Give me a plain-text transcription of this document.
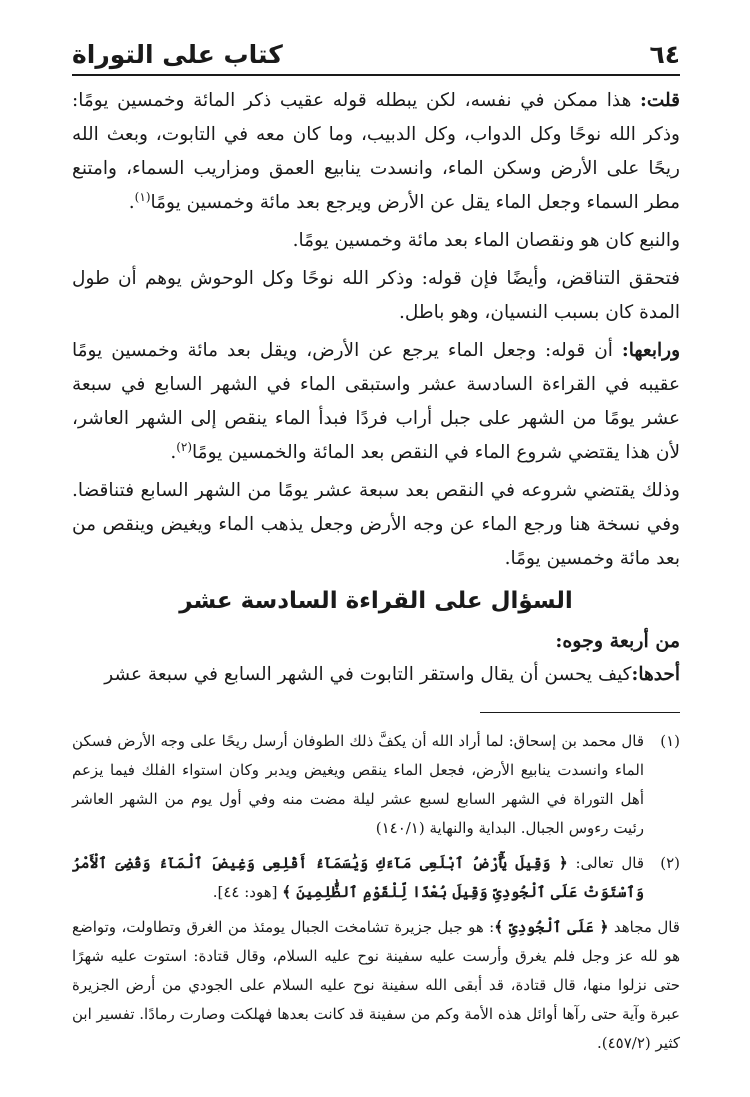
٦٤
كتاب على التوراة

قلت: هذا ممكن في نفسه، لكن يبطله قوله عقيب ذكر المائة وخمسين يومًا: وذكر الله نوحًا وكل الدواب، وكل الدبيب، وما كان معه في التابوت، وبعث الله ريحًا على الأرض وسكن الماء، وانسدت ينابيع العمق ومزاريب السماء، وامتنع مطر السماء وجعل الماء يقل عن الأرض ويرجع بعد مائة وخمسين يومًا$^{(١)}$.

والنبع كان هو ونقصان الماء بعد مائة وخمسين يومًا.

فتحقق التناقض، وأيضًا فإن قوله: وذكر الله نوحًا وكل الوحوش يوهم أن طول المدة كان بسبب النسيان، وهو باطل.

ورابعها: أن قوله: وجعل الماء يرجع عن الأرض، ويقل بعد مائة وخمسين يومًا عقيبه في القراءة السادسة عشر واستبقى الماء في الشهر السابع في سبعة عشر يومًا من الشهر على جبل أراب فردًا فبدأ الماء ينقص إلى الشهر العاشر، لأن هذا يقتضي شروع الماء في النقص بعد المائة والخمسين يومًا$^{(٢)}$.

وذلك يقتضي شروعه في النقص بعد سبعة عشر يومًا من الشهر السابع فتناقضا. وفي نسخة هنا ورجع الماء عن وجه الأرض وجعل يذهب الماء ويغيض وينقص من بعد مائة وخمسين يومًا.

السؤال على القراءة السادسة عشر

من أربعة وجوه:

أحدها:كيف يحسن أن يقال واستقر التابوت في الشهر السابع في سبعة عشر

(١)
قال محمد بن إسحاق: لما أراد الله أن يكفَّ ذلك الطوفان أرسل ريحًا على وجه الأرض فسكن الماء وانسدت ينابيع الأرض، فجعل الماء ينقص ويغيض ويدبر وكان استواء الفلك فيما يزعم أهل التوراة في الشهر السابع لسبع عشر ليلة مضت منه وفي أول يوم من الشهر العاشر رئيت رءوس الجبال. البداية والنهاية (١٤٠/١)
(٢)
قال تعالى: ﴿ وَقِيلَ يَٰٓأَرْضُ ٱبْلَعِى مَآءَكِ وَيَٰسَمَآءُ أَقْلِعِى وَغِيضَ ٱلْمَآءُ وَقُضِىَ ٱلْأَمْرُ وَٱسْتَوَتْ عَلَى ٱلْجُودِىِّ وَقِيلَ بُعْدًا لِّلْقَوْمِ ٱلظَّٰلِمِينَ ﴾ [هود: ٤٤].

قال مجاهد ﴿ عَلَى ٱلْجُودِىِّ ﴾: هو جبل جزيرة تشامخت الجبال يومئذ من الغرق وتطاولت، وتواضع هو لله عز وجل فلم يغرق وأرست عليه سفينة نوح عليه السلام، وقال قتادة: استوت عليه شهرًا حتى نزلوا منها، قال قتادة، قد أبقى الله سفينة نوح عليه السلام على الجودي من أرض الجزيرة عبرة وآية حتى رآها أوائل هذه الأمة وكم من سفينة قد كانت بعدها فهلكت وصارت رمادًا. تفسير ابن كثير (٤٥٧/٢).
